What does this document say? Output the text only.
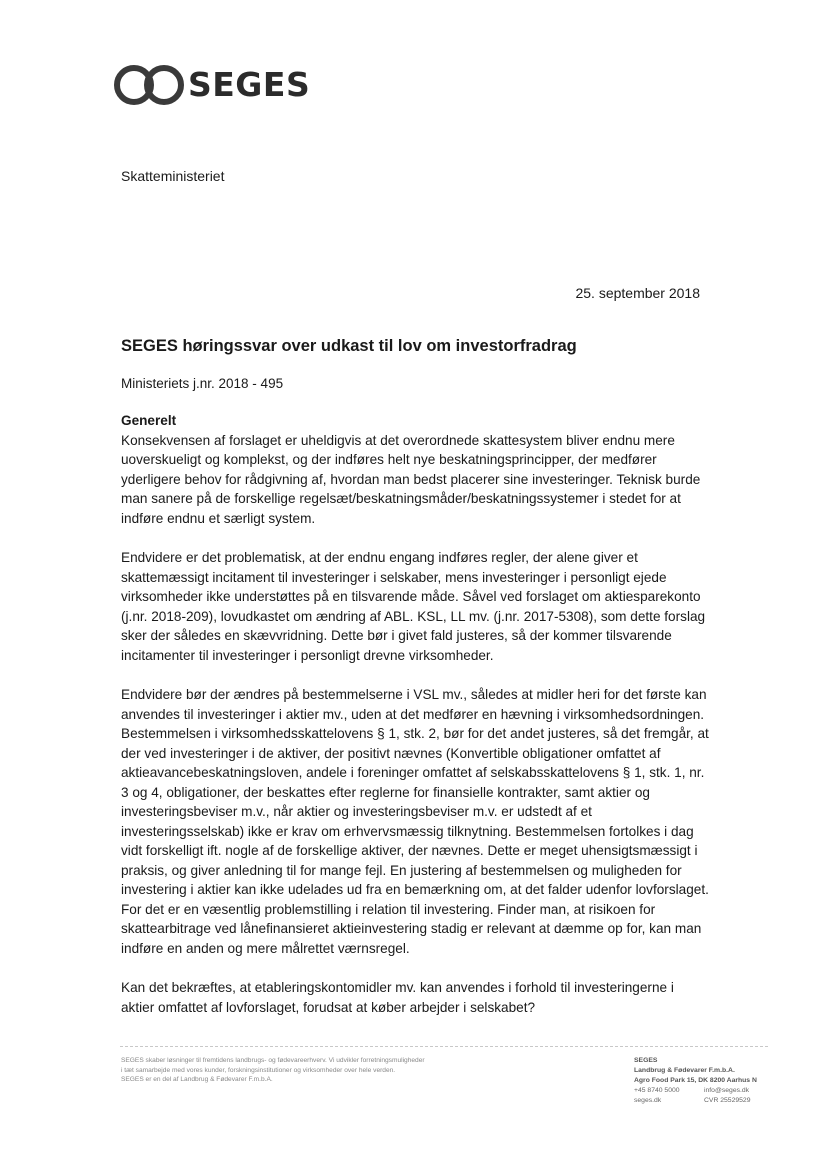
SEGES
Skatteministeriet
25. september 2018
SEGES høringssvar over udkast til lov om investorfradrag
Ministeriets j.nr. 2018 - 495
Generelt

Konsekvensen af forslaget er uheldigvis at det overordnede skattesystem bliver endnu mere uoverskueligt og komplekst, og der indføres helt nye beskatningsprincipper, der medfører yderligere behov for rådgivning af, hvordan man bedst placerer sine investeringer. Teknisk burde man sanere på de forskellige regelsæt/beskatningsmåder/beskatningssystemer i stedet for at indføre endnu et særligt system.

Endvidere er det problematisk, at der endnu engang indføres regler, der alene giver et skattemæssigt incitament til investeringer i selskaber, mens investeringer i personligt ejede virksomheder ikke understøttes på en tilsvarende måde. Såvel ved forslaget om aktiesparekonto (j.nr. 2018-209), lovudkastet om ændring af ABL. KSL, LL mv. (j.nr. 2017-5308), som dette forslag sker der således en skævvridning. Dette bør i givet fald justeres, så der kommer tilsvarende incitamenter til investeringer i personligt drevne virksomheder.

Endvidere bør der ændres på bestemmelserne i VSL mv., således at midler heri for det første kan anvendes til investeringer i aktier mv., uden at det medfører en hævning i virksomhedsordningen. Bestemmelsen i virksomhedsskattelovens § 1, stk. 2, bør for det andet justeres, så det fremgår, at der ved investeringer i de aktiver, der positivt nævnes (Konvertible obligationer omfattet af aktieavancebeskatningsloven, andele i foreninger omfattet af selskabsskattelovens § 1, stk. 1, nr. 3 og 4, obligationer, der beskattes efter reglerne for finansielle kontrakter, samt aktier og investeringsbeviser m.v., når aktier og investeringsbeviser m.v. er udstedt af et investeringsselskab) ikke er krav om erhvervsmæssig tilknytning. Bestemmelsen fortolkes i dag vidt forskelligt ift. nogle af de forskellige aktiver, der nævnes. Dette er meget uhensigtsmæssigt i praksis, og giver anledning til for mange fejl. En justering af bestemmelsen og muligheden for investering i aktier kan ikke udelades ud fra en bemærkning om, at det falder udenfor lovforslaget. For det er en væsentlig problemstilling i relation til investering. Finder man, at risikoen for skattearbitrage ved lånefinansieret aktieinvestering stadig er relevant at dæmme op for, kan man indføre en anden og mere målrettet værnsregel.

Kan det bekræftes, at etableringskontomidler mv. kan anvendes i forhold til investeringerne i aktier omfattet af lovforslaget, forudsat at køber arbejder i selskabet?

SEGES skaber løsninger til fremtidens landbrugs- og fødevareerhverv. Vi udvikler forretningsmuligheder
i tæt samarbejde med vores kunder, forskningsinstitutioner og virksomheder over hele verden.
SEGES er en del af Landbrug & Fødevarer F.m.b.A.
SEGES
Landbrug & Fødevarer F.m.b.A.
Agro Food Park 15, DK 8200 Aarhus N
+45 8740 5000	info@seges.dk
seges.dk	CVR 25529529
